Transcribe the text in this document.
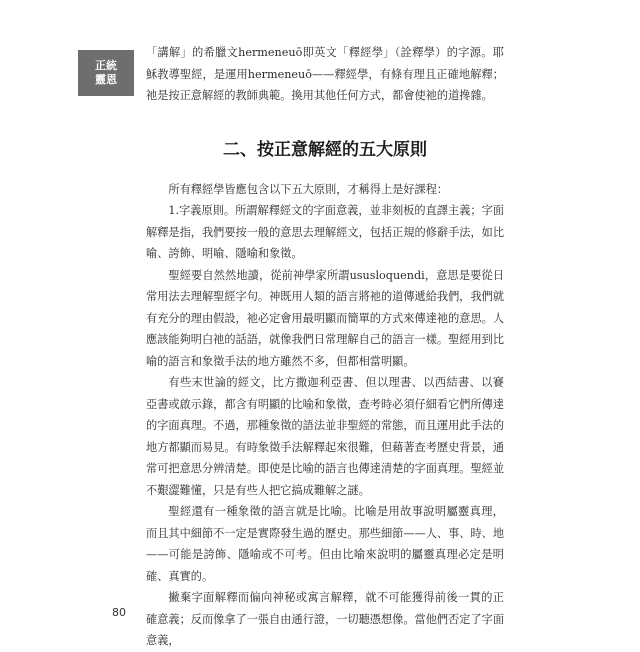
正統
靈恩

「講解」的希臘文hermeneuō即英文「釋經學」（詮釋學）的字源。耶穌教導聖經，是運用hermeneuō——釋經學，有條有理且正確地解釋；祂是按正意解經的教師典範。換用其他任何方式，都會使祂的道搀雜。

二、按正意解經的五大原則

所有釋經學皆應包含以下五大原則，才稱得上是好課程：

1.字義原則。所謂解釋經文的字面意義，並非刻板的直譯主義；字面解釋是指，我們要按一般的意思去理解經文，包括正規的修辭手法，如比喻、誇飾、明喻、隱喻和象徵。

聖經要自然然地讀，從前神學家所謂ususloquendi，意思是要從日常用法去理解聖經字句。神既用人類的語言將祂的道傳遞給我們，我們就有充分的理由假設，祂必定會用最明顯而簡單的方式來傳達祂的意思。人應該能夠明白祂的話語，就像我們日常理解自己的語言一樣。聖經用到比喻的語言和象徵手法的地方雖然不多，但都相當明顯。

有些末世論的經文，比方撒迦利亞書、但以理書、以西結書、以賽亞書或啟示錄，都含有明顯的比喻和象徵，查考時必須仔細看它們所傳達的字面真理。不過，那種象徵的語法並非聖經的常態，而且運用此手法的地方都顯而易見。有時象徵手法解釋起來很難，但藉著查考歷史背景，通常可把意思分辨清楚。即使是比喻的語言也傳達清楚的字面真理。聖經並不艱澀難懂，只是有些人把它搞成難解之謎。

聖經還有一種象徵的語言就是比喻。比喻是用故事說明屬靈真理，而且其中細節不一定是實際發生過的歷史。那些細節——人、事、時、地——可能是誇飾、隱喻或不可考。但由比喻來說明的屬靈真理必定是明確、真實的。

撇棄字面解釋而偏向神秘或寓言解釋，就不可能獲得前後一貫的正確意義；反而像拿了一張自由通行證，一切聽憑想像。當他們否定了字面意義，

80
